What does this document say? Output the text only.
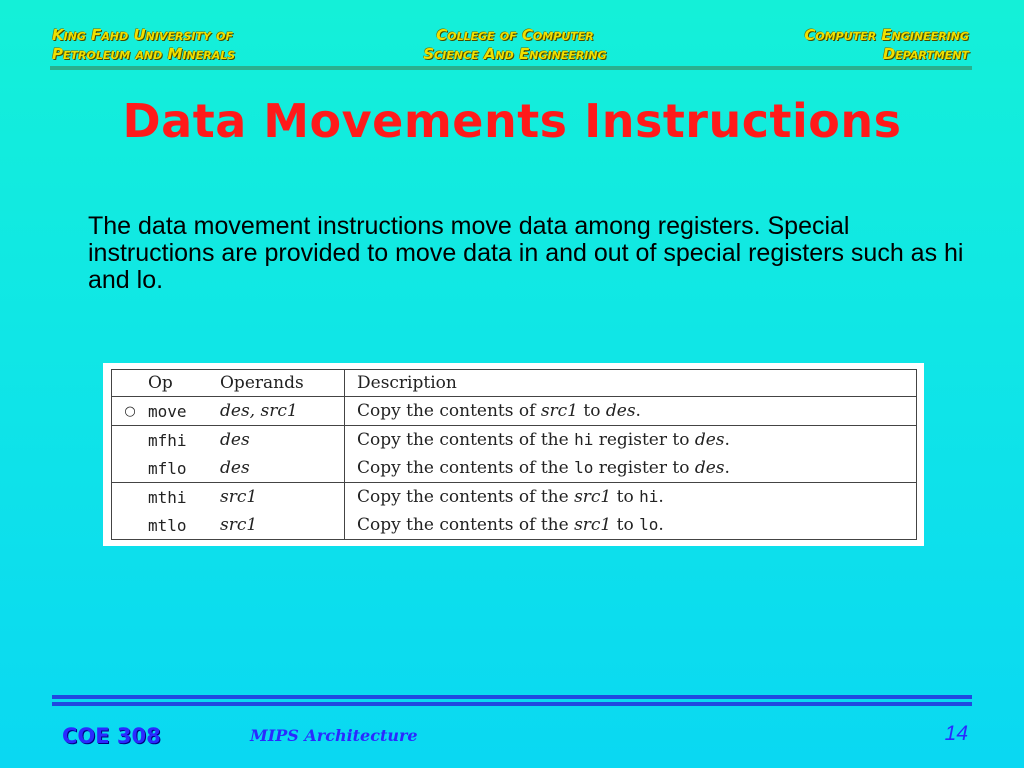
King Fahd University of
Petroleum and Minerals
College of Computer
Science And Engineering
Computer Engineering
Department
Data Movements Instructions
The data movement instructions move data among registers. Special instructions are provided to move data in and out of special registers such as hi and lo.
	Op	Operands	Description
○	move	des, src1	Copy the contents of src1 to des.
	mfhi	des	Copy the contents of the hi register to des.
	mflo	des	Copy the contents of the lo register to des.
	mthi	src1	Copy the contents of the src1 to hi.
	mtlo	src1	Copy the contents of the src1 to lo.
COE 308	MIPS Architecture	14
